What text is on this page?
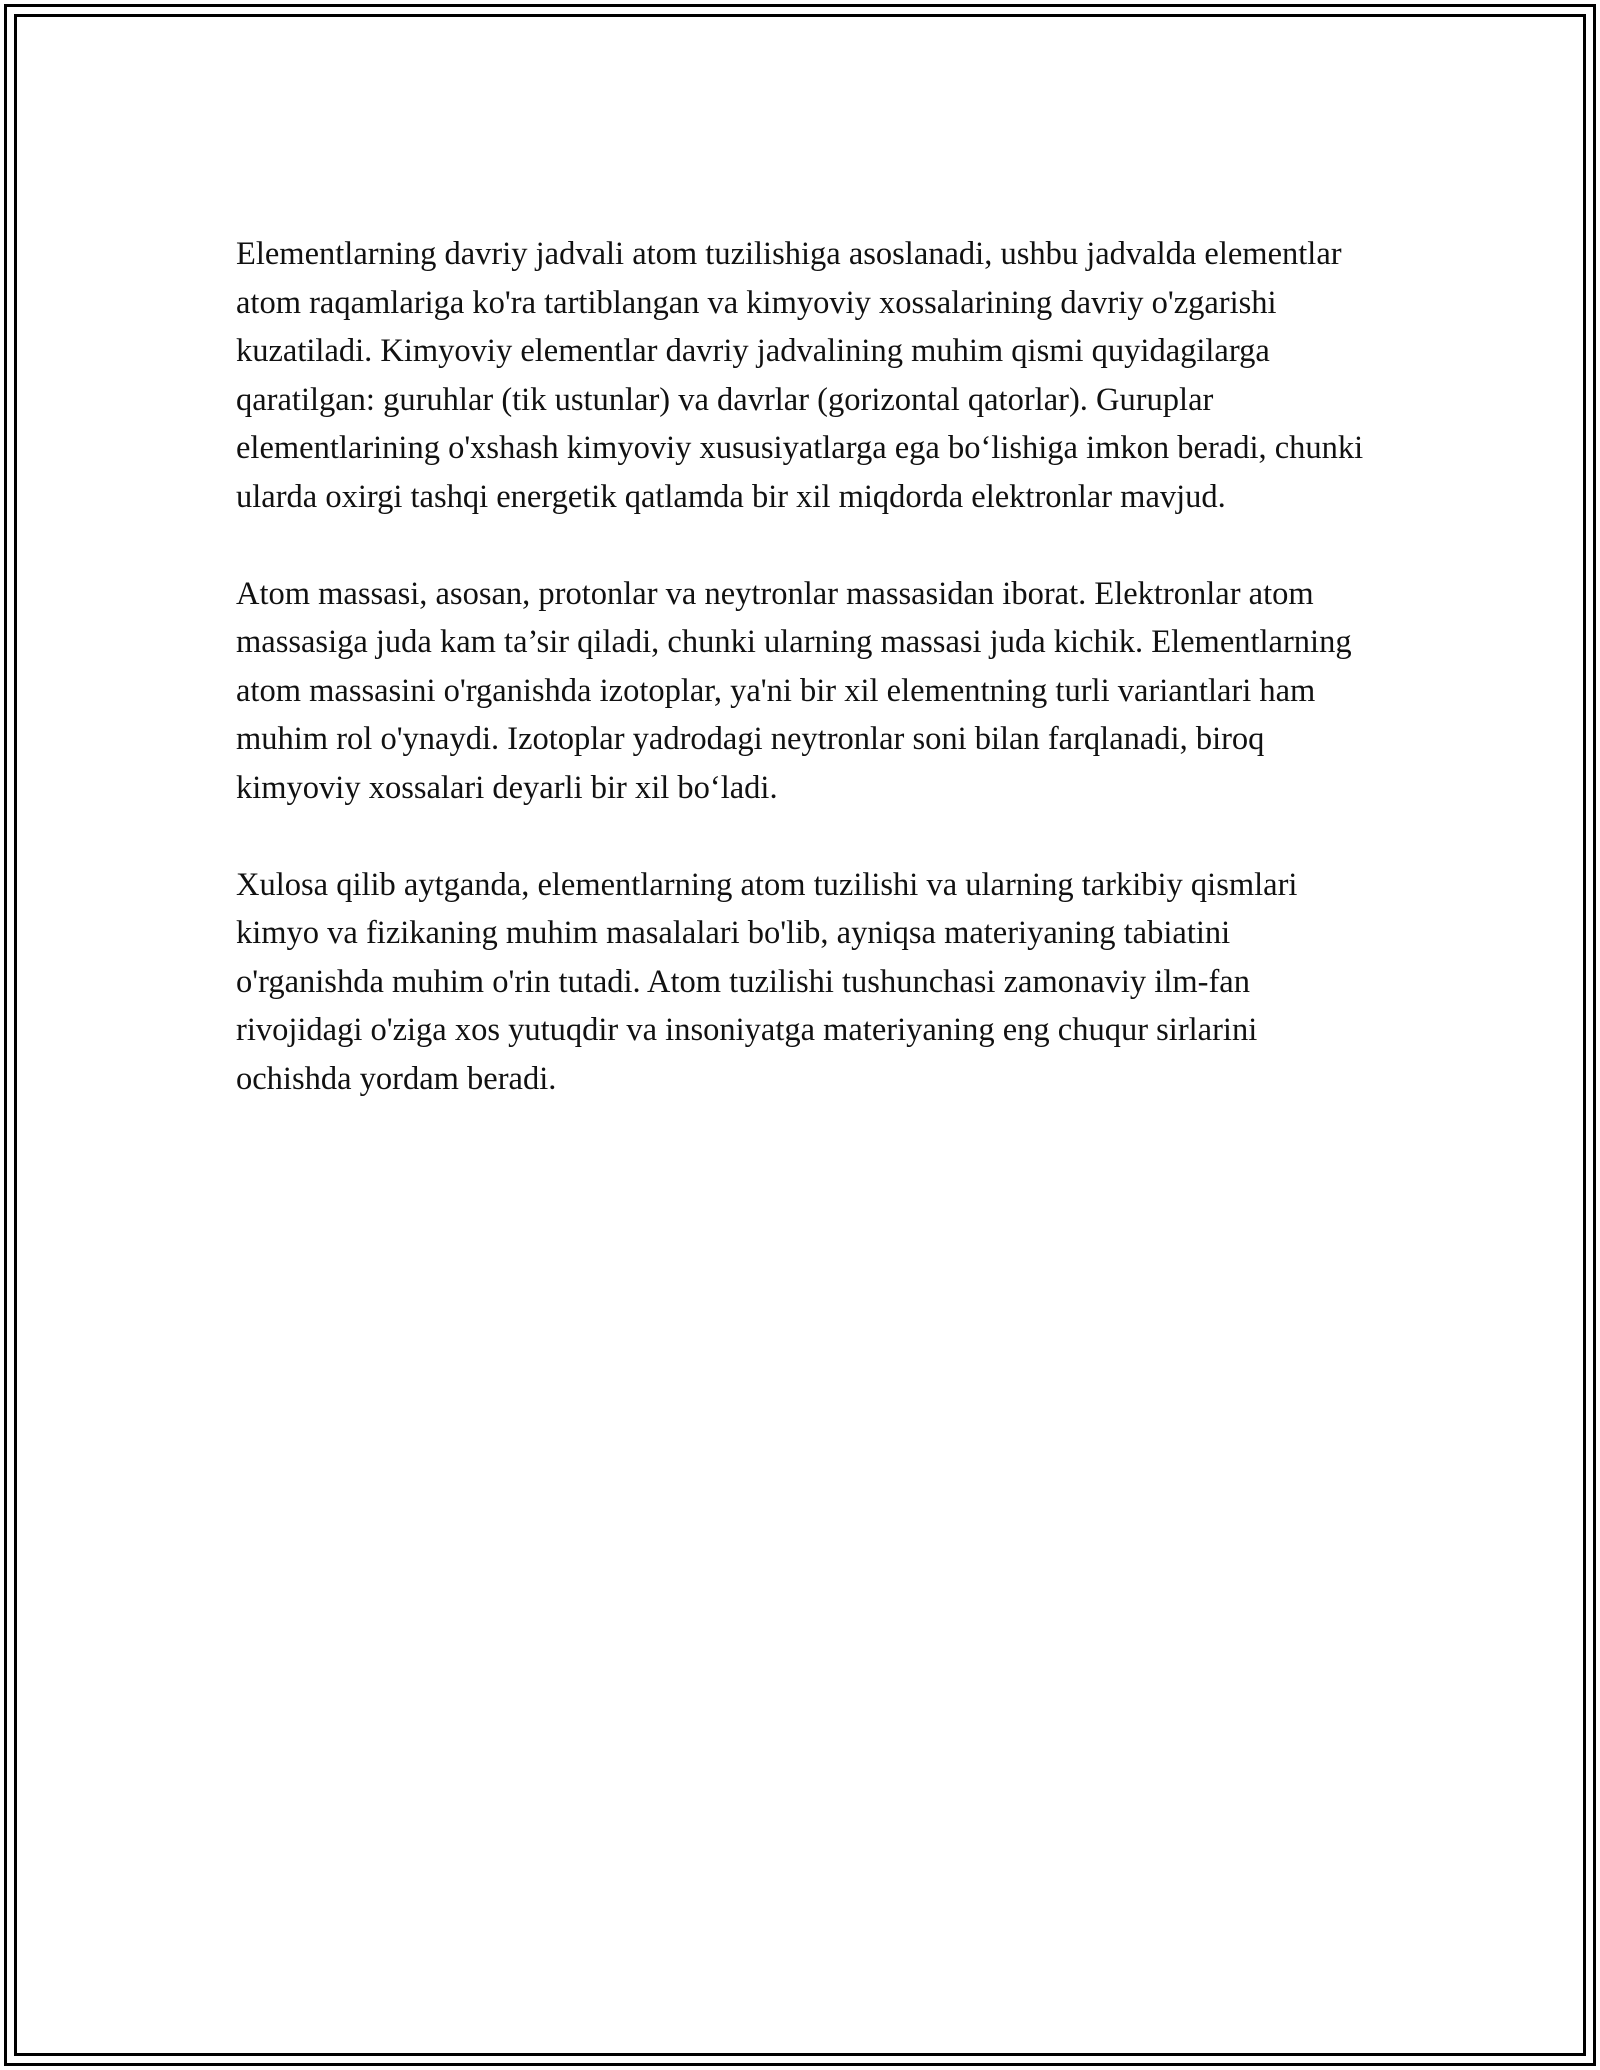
Elementlarning davriy jadvali atom tuzilishiga asoslanadi, ushbu jadvalda elementlar atom raqamlariga ko'ra tartiblangan va kimyoviy xossalarining davriy o'zgarishi kuzatiladi. Kimyoviy elementlar davriy jadvalining muhim qismi quyidagilarga qaratilgan: guruhlar (tik ustunlar) va davrlar (gorizontal qatorlar). Guruplar elementlarining o'xshash kimyoviy xususiyatlarga ega bo‘lishiga imkon beradi, chunki ularda oxirgi tashqi energetik qatlamda bir xil miqdorda elektronlar mavjud.

Atom massasi, asosan, protonlar va neytronlar massasidan iborat. Elektronlar atom massasiga juda kam ta’sir qiladi, chunki ularning massasi juda kichik. Elementlarning atom massasini o'rganishda izotoplar, ya'ni bir xil elementning turli variantlari ham muhim rol o'ynaydi. Izotoplar yadrodagi neytronlar soni bilan farqlanadi, biroq kimyoviy xossalari deyarli bir xil bo‘ladi.

Xulosa qilib aytganda, elementlarning atom tuzilishi va ularning tarkibiy qismlari kimyo va fizikaning muhim masalalari bo'lib, ayniqsa materiyaning tabiatini o'rganishda muhim o'rin tutadi. Atom tuzilishi tushunchasi zamonaviy ilm-fan rivojidagi o'ziga xos yutuqdir va insoniyatga materiyaning eng chuqur sirlarini ochishda yordam beradi.
